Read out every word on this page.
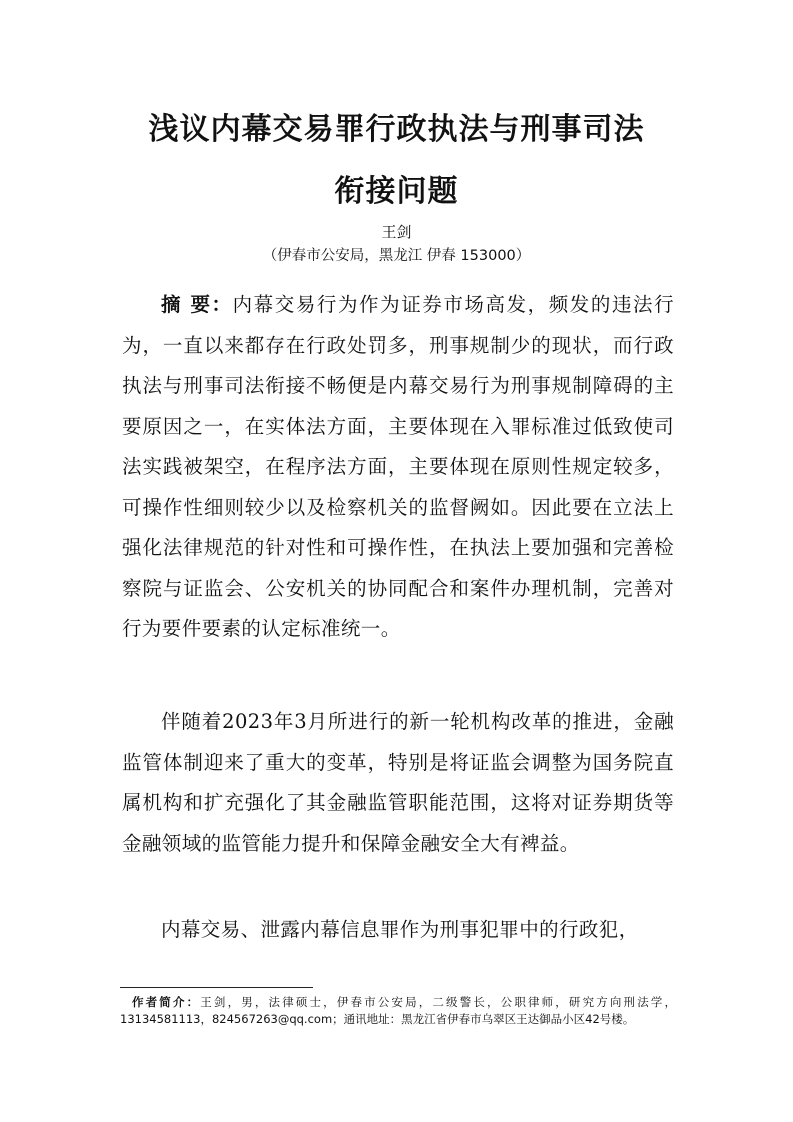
浅议内幕交易罪行政执法与刑事司法
衔接问题
王剑
（伊春市公安局，黑龙江 伊春 153000）

摘 要：内幕交易行为作为证券市场高发，频发的违法行为，一直以来都存在行政处罚多，刑事规制少的现状，而行政执法与刑事司法衔接不畅便是内幕交易行为刑事规制障碍的主要原因之一，在实体法方面，主要体现在入罪标准过低致使司法实践被架空，在程序法方面，主要体现在原则性规定较多，可操作性细则较少以及检察机关的监督阙如。因此要在立法上强化法律规范的针对性和可操作性，在执法上要加强和完善检察院与证监会、公安机关的协同配合和案件办理机制，完善对行为要件要素的认定标准统一。

伴随着2023年3月所进行的新一轮机构改革的推进，金融监管体制迎来了重大的变革，特别是将证监会调整为国务院直属机构和扩充强化了其金融监管职能范围，这将对证券期货等金融领域的监管能力提升和保障金融安全大有裨益。

内幕交易、泄露内幕信息罪作为刑事犯罪中的行政犯，

作者简介：王剑，男，法律硕士，伊春市公安局，二级警长，公职律师，研究方向刑法学，13134581113，824567263@qq.com；通讯地址：黑龙江省伊春市乌翠区王达御品小区42号楼。
